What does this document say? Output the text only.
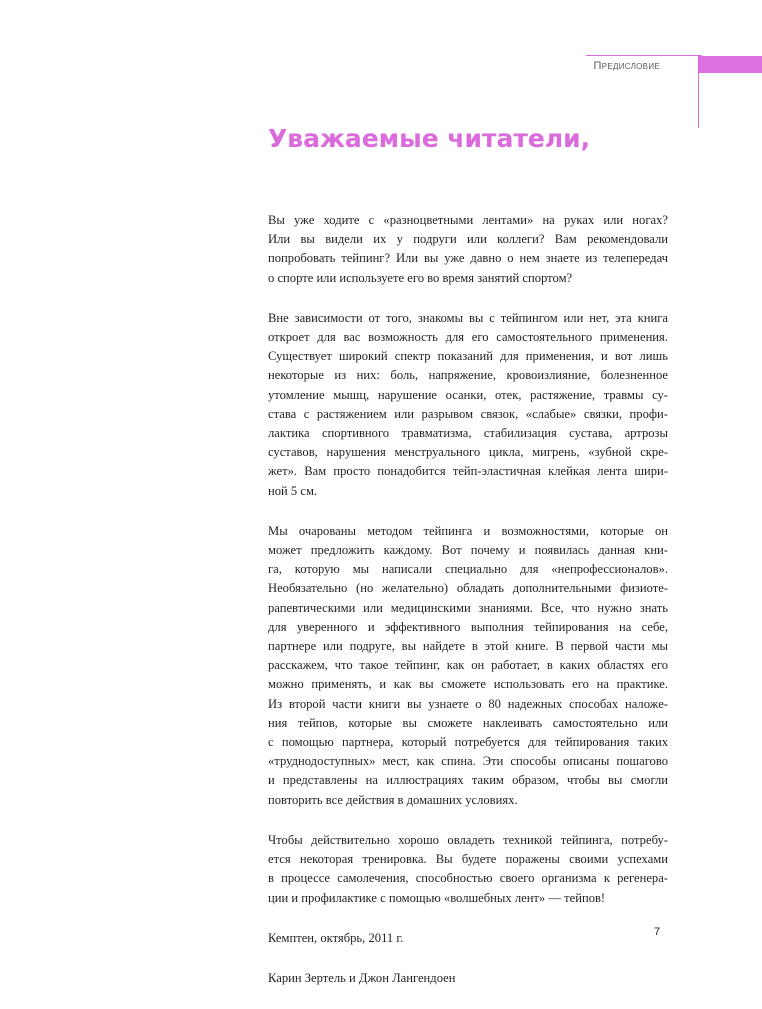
Предисловие
Уважаемые читатели,

Вы уже ходите с «разноцветными лентами» на руках или ногах?
Или вы видели их у подруги или коллеги? Вам рекомендовали
попробовать тейпинг? Или вы уже давно о нем знаете из телепередач
о спорте или используете его во время занятий спортом?

Вне зависимости от того, знакомы вы с тейпингом или нет, эта книга
откроет для вас возможность для его самостоятельного применения.
Существует широкий спектр показаний для применения, и вот лишь
некоторые из них: боль, напряжение, кровоизлияние, болезненное
утомление мышц, нарушение осанки, отек, растяжение, травмы су-
става с растяжением или разрывом связок, «слабые» связки, профи-
лактика спортивного травматизма, стабилизация сустава, артрозы
суставов, нарушения менструального цикла, мигрень, «зубной скре-
жет». Вам просто понадобится тейп-эластичная клейкая лента шири-
ной 5 см.

Мы очарованы методом тейпинга и возможностями, которые он
может предложить каждому. Вот почему и появилась данная кни-
га, которую мы написали специально для «непрофессионалов».
Необязательно (но желательно) обладать дополнительными физиоте-
рапевтическими или медицинскими знаниями. Все, что нужно знать
для уверенного и эффективного выполния тейпирования на себе,
партнере или подруге, вы найдете в этой книге. В первой части мы
расскажем, что такое тейпинг, как он работает, в каких областях его
можно применять, и как вы сможете использовать его на практике.
Из второй части книги вы узнаете о 80 надежных способах наложе-
ния тейпов, которые вы сможете наклеивать самостоятельно или
с помощью партнера, который потребуется для тейпирования таких
«труднодоступных» мест, как спина. Эти способы описаны пошагово
и представлены на иллюстрациях таким образом, чтобы вы смогли
повторить все действия в домашних условиях.

Чтобы действительно хорошо овладеть техникой тейпинга, потребу-
ется некоторая тренировка. Вы будете поражены своими успехами
в процессе самолечения, способностью своего организма к регенера-
ции и профилактике с помощью «волшебных лент» — тейпов!

Кемптен, октябрь, 2011 г.

Карин Зертель и Джон Лангендоен

7
